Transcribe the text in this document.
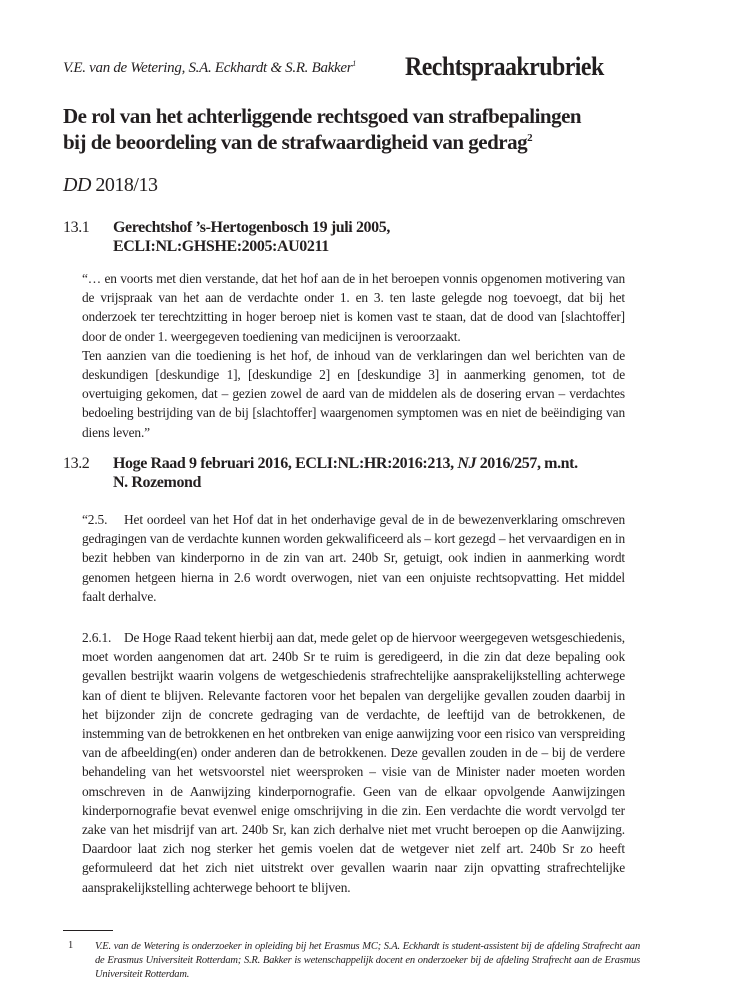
V.E. van de Wetering, S.A. Eckhardt & S.R. Bakker$^1$ Rechtspraakrubriek
De rol van het achterliggende rechtsgoed van strafbepalingen
bij de beoordeling van de strafwaardigheid van gedrag$^2$
DD 2018/13
13.1 Gerechtshof ’s-Hertogenbosch 19 juli 2005,
ECLI:NL:GHSHE:2005:AU0211
“… en voorts met dien verstande, dat het hof aan de in het beroepen vonnis opgenomen motivering van de vrijspraak van het aan de verdachte onder 1. en 3. ten laste gelegde nog toevoegt, dat bij het onderzoek ter terechtzitting in hoger beroep niet is komen vast te staan, dat de dood van [slachtoffer] door de onder 1. weergegeven toediening van medicijnen is veroorzaakt.
Ten aanzien van die toediening is het hof, de inhoud van de verklaringen dan wel berichten van de deskundigen [deskundige 1], [deskundige 2] en [deskundige 3] in aanmerking genomen, tot de overtuiging gekomen, dat – gezien zowel de aard van de middelen als de dosering ervan – verdachtes bedoeling bestrijding van de bij [slachtoffer] waargenomen symptomen was en niet de beëindiging van diens leven.”
13.2 Hoge Raad 9 februari 2016, ECLI:NL:HR:2016:213, NJ 2016/257, m.nt.
N. Rozemond
“2.5. Het oordeel van het Hof dat in het onderhavige geval de in de bewezenverklaring omschreven gedragingen van de verdachte kunnen worden gekwalificeerd als – kort gezegd – het vervaardigen en in bezit hebben van kinderporno in de zin van art. 240b Sr, getuigt, ook indien in aanmerking wordt genomen hetgeen hierna in 2.6 wordt overwogen, niet van een onjuiste rechtsopvatting. Het middel faalt derhalve.
2.6.1. De Hoge Raad tekent hierbij aan dat, mede gelet op de hiervoor weergegeven wetsgeschiedenis, moet worden aangenomen dat art. 240b Sr te ruim is geredigeerd, in die zin dat deze bepaling ook gevallen bestrijkt waarin volgens de wetgeschiedenis strafrechtelijke aansprakelijkstelling achterwege kan of dient te blijven. Relevante factoren voor het bepalen van dergelijke gevallen zouden daarbij in het bijzonder zijn de concrete gedraging van de verdachte, de leeftijd van de betrokkenen, de instemming van de betrokkenen en het ontbreken van enige aanwijzing voor een risico van verspreiding van de afbeelding(en) onder anderen dan de betrokkenen. Deze gevallen zouden in de – bij de verdere behandeling van het wetsvoorstel niet weersproken – visie van de Minister nader moeten worden omschreven in de Aanwijzing kinderpornografie. Geen van de elkaar opvolgende Aanwijzingen kinderpornografie bevat evenwel enige omschrijving in die zin. Een verdachte die wordt vervolgd ter zake van het misdrijf van art. 240b Sr, kan zich derhalve niet met vrucht beroepen op die Aanwijzing. Daardoor laat zich nog sterker het gemis voelen dat de wetgever niet zelf art. 240b Sr zo heeft geformuleerd dat het zich niet uitstrekt over gevallen waarin naar zijn opvatting strafrechtelijke aansprakelijkstelling achterwege behoort te blijven.
1 V.E. van de Wetering is onderzoeker in opleiding bij het Erasmus MC; S.A. Eckhardt is student-assistent bij de afdeling Strafrecht aan de Erasmus Universiteit Rotterdam; S.R. Bakker is wetenschappelijk docent en onderzoeker bij de afdeling Strafrecht aan de Erasmus Universiteit Rotterdam.
